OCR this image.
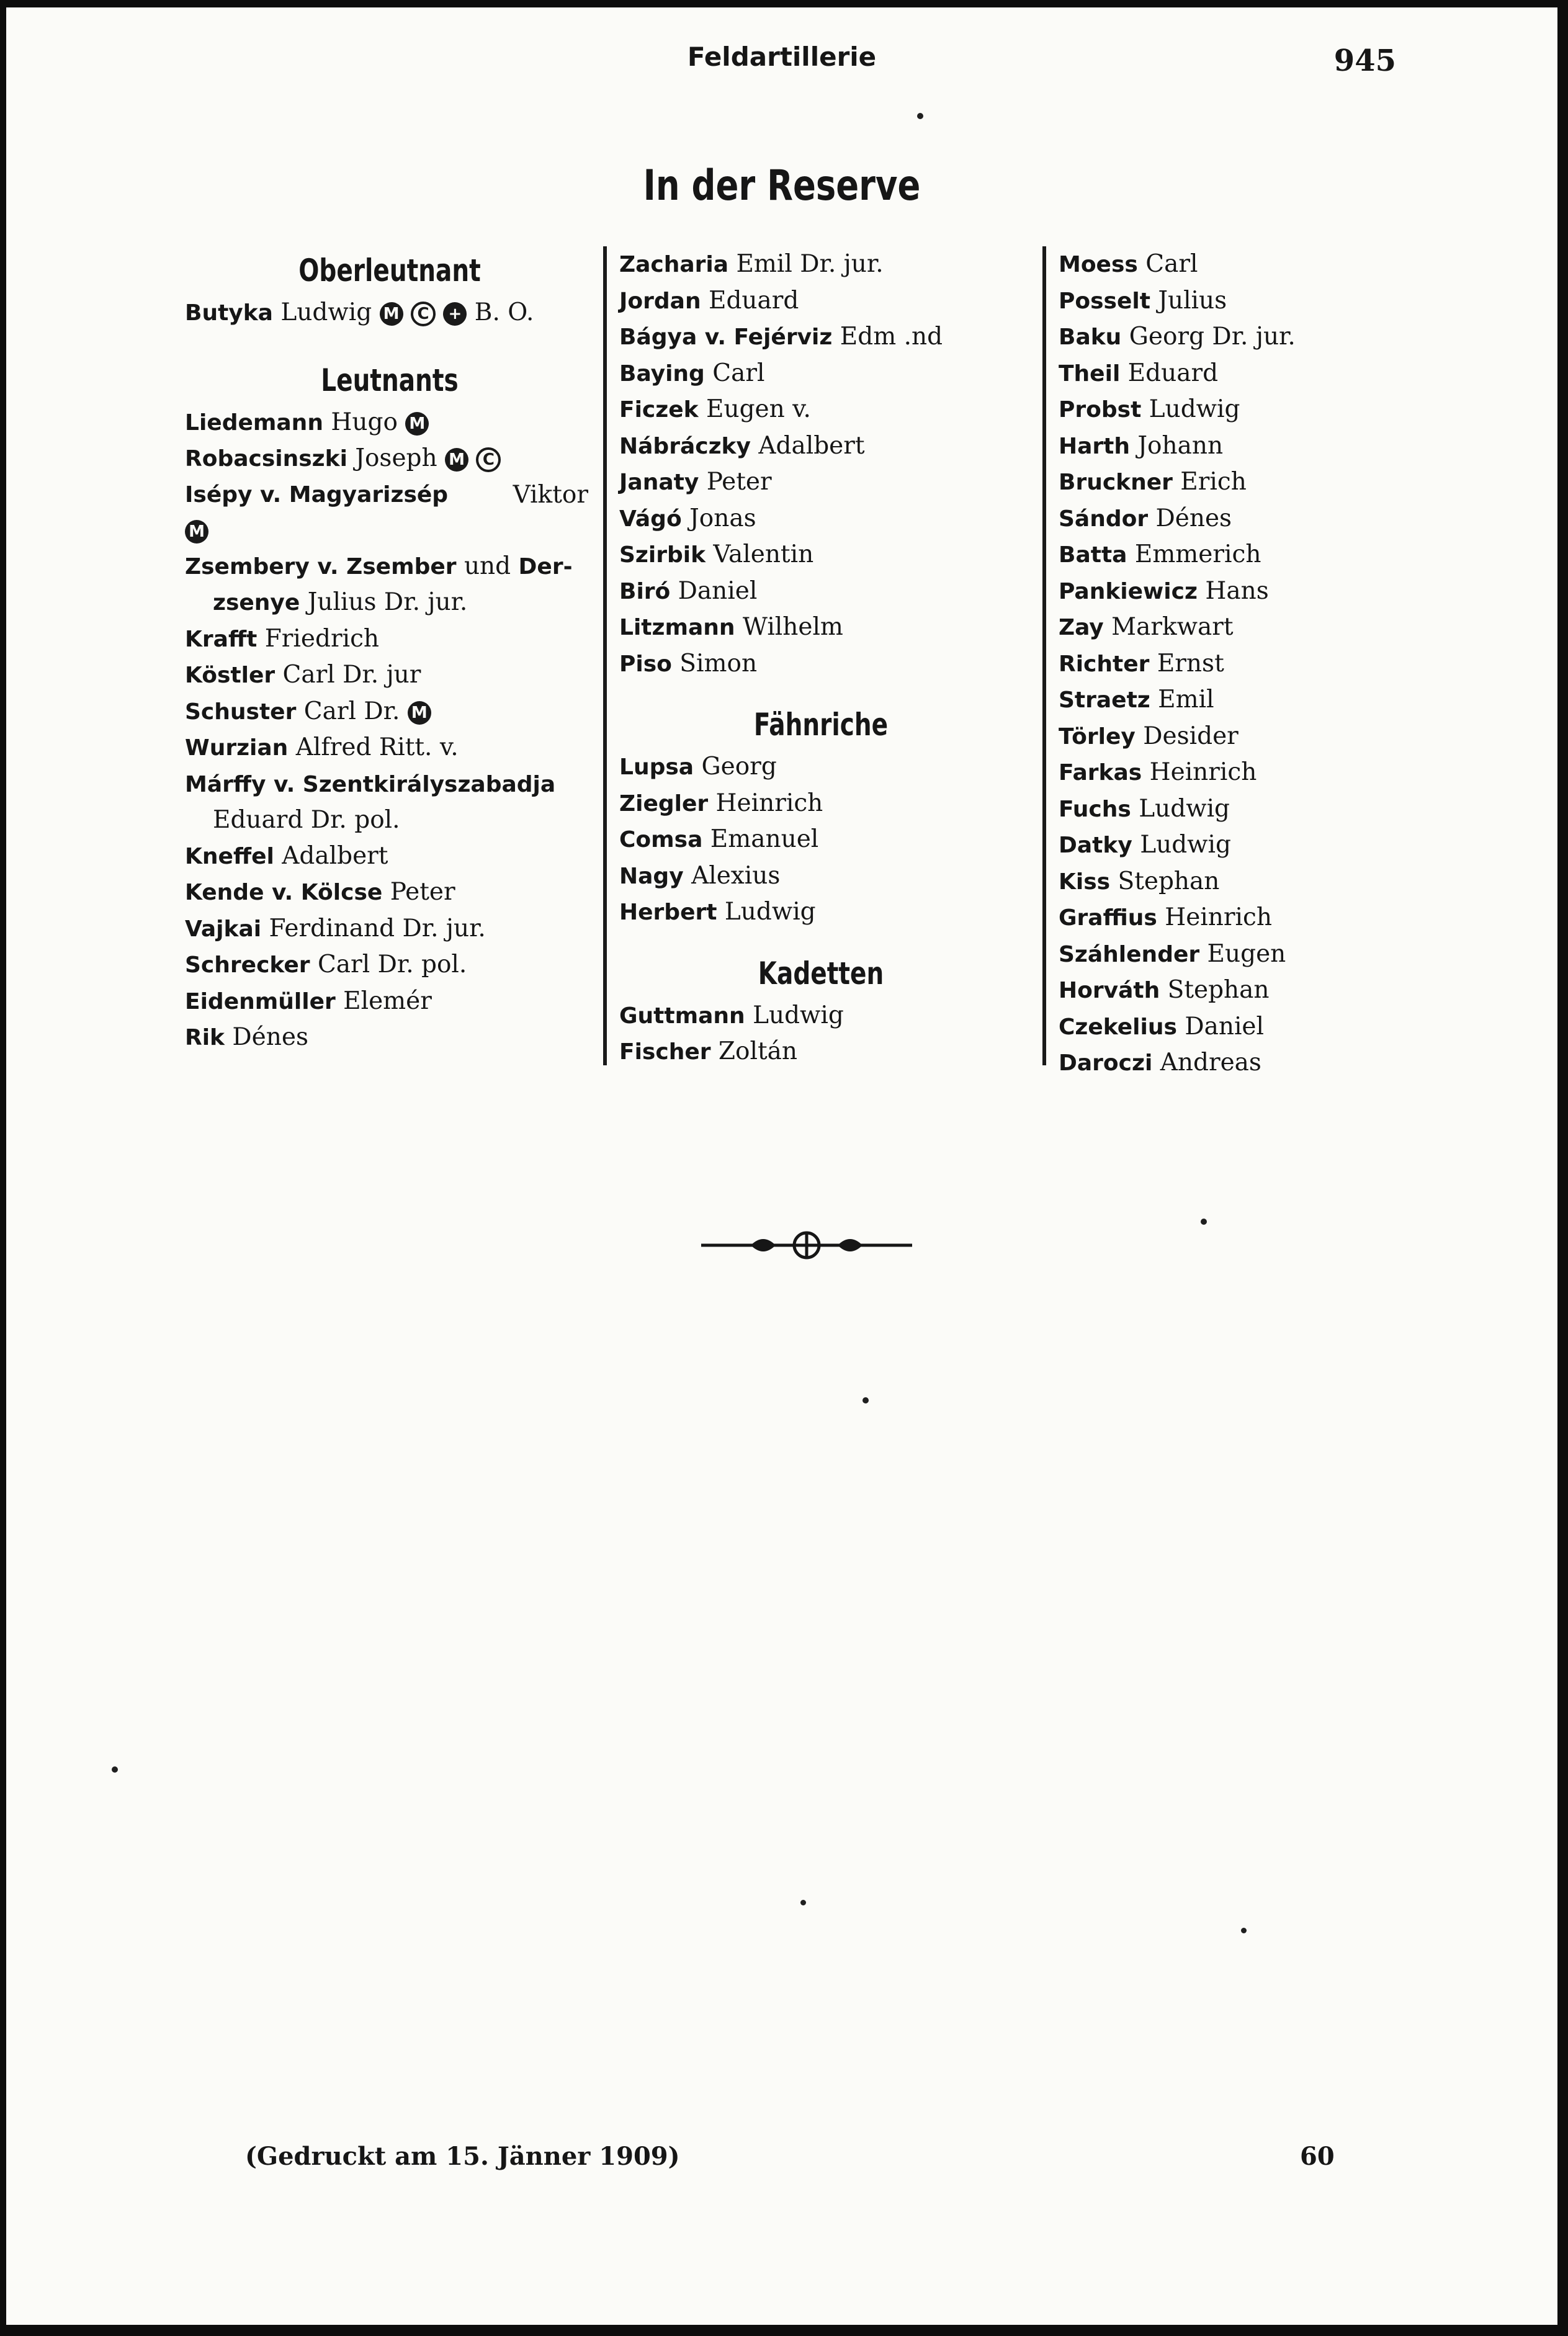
Feldartillerie	945
In der Reserve
Oberleutnant
Butyka Ludwig M C + B. O.
Leutnants
Liedemann Hugo M
Robacsinszki Joseph M C
Isépy v. Magyarizsép	Viktor
M
Zsembery v. Zsember und Der-
zsenye Julius Dr. jur.
Krafft Friedrich
Köstler Carl Dr. jur
Schuster Carl Dr. M
Wurzian Alfred Ritt. v.
Márffy v. Szentkirályszabadja
Eduard Dr. pol.
Kneffel Adalbert
Kende v. Kölcse Peter
Vajkai Ferdinand Dr. jur.
Schrecker Carl Dr. pol.
Eidenmüller Elemér
Rik Dénes
Zacharia Emil Dr. jur.
Jordan Eduard
Bágya v. Fejérviz Edm .nd
Baying Carl
Ficzek Eugen v.
Nábráczky Adalbert
Janaty Peter
Vágó Jonas
Szirbik Valentin
Biró Daniel
Litzmann Wilhelm
Piso Simon
Fähnriche
Lupsa Georg
Ziegler Heinrich
Comsa Emanuel
Nagy Alexius
Herbert Ludwig
Kadetten
Guttmann Ludwig
Fischer Zoltán
Moess Carl
Posselt Julius
Baku Georg Dr. jur.
Theil Eduard
Probst Ludwig
Harth Johann
Bruckner Erich
Sándor Dénes
Batta Emmerich
Pankiewicz Hans
Zay Markwart
Richter Ernst
Straetz Emil
Törley Desider
Farkas Heinrich
Fuchs Ludwig
Datky Ludwig
Kiss Stephan
Graffius Heinrich
Száhlender Eugen
Horváth Stephan
Czekelius Daniel
Daroczi Andreas
(Gedruckt am 15. Jänner 1909)	60
